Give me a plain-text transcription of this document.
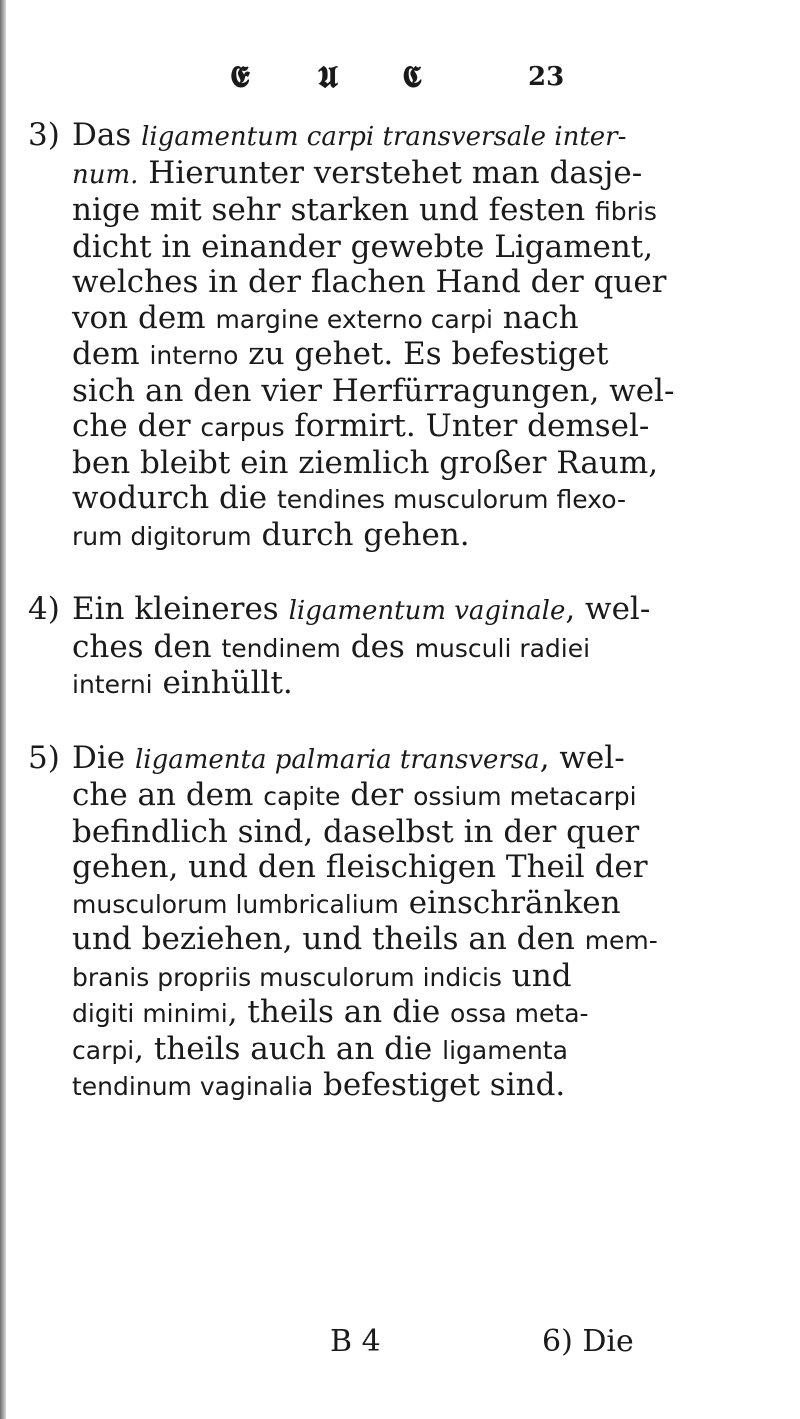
𝕰 𝖀 𝕮	23
3) Das ligamentum carpi transversale inter-
num. Hierunter verstehet man dasje-
nige mit sehr starken und festen fibris
dicht in einander gewebte Ligament,
welches in der flachen Hand der quer
von dem margine externo carpi nach
dem interno zu gehet. Es befestiget
sich an den vier Herfürragungen, wel-
che der carpus formirt. Unter demsel-
ben bleibt ein ziemlich großer Raum,
wodurch die tendines musculorum flexo-
rum digitorum durch gehen.
4) Ein kleineres ligamentum vaginale, wel-
ches den tendinem des musculi radiei
interni einhüllt.
5) Die ligamenta palmaria transversa, wel-
che an dem capite der ossium metacarpi
befindlich sind, daselbst in der quer
gehen, und den fleischigen Theil der
musculorum lumbricalium einschränken
und beziehen, und theils an den mem-
branis propriis musculorum indicis und
digiti minimi, theils an die ossa meta-
carpi, theils auch an die ligamenta
tendinum vaginalia befestiget sind.
B 4	6) Die
